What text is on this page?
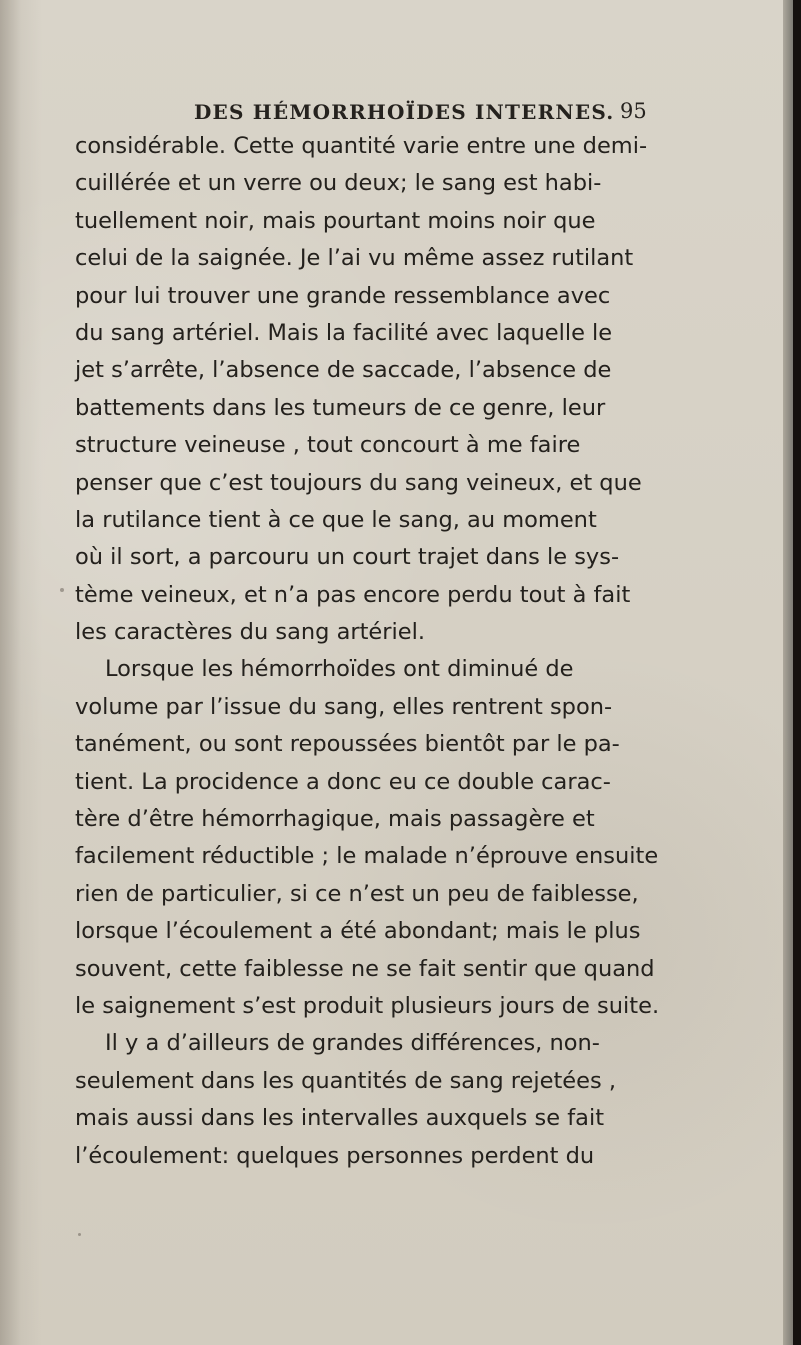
DES HÉMORRHOÏDES INTERNES. 95
considérable. Cette quantité varie entre une demi-
cuillérée et un verre ou deux; le sang est habi-
tuellement noir, mais pourtant moins noir que
celui de la saignée. Je l’ai vu même assez rutilant
pour lui trouver une grande ressemblance avec
du sang artériel. Mais la facilité avec laquelle le
jet s’arrête, l’absence de saccade, l’absence de
battements dans les tumeurs de ce genre, leur
structure veineuse , tout concourt à me faire
penser que c’est toujours du sang veineux, et que
la rutilance tient à ce que le sang, au moment
où il sort, a parcouru un court trajet dans le sys-
tème veineux, et n’a pas encore perdu tout à fait
les caractères du sang artériel.
Lorsque les hémorrhoïdes ont diminué de
volume par l’issue du sang, elles rentrent spon-
tanément, ou sont repoussées bientôt par le pa-
tient. La procidence a donc eu ce double carac-
tère d’être hémorrhagique, mais passagère et
facilement réductible ; le malade n’éprouve ensuite
rien de particulier, si ce n’est un peu de faiblesse,
lorsque l’écoulement a été abondant; mais le plus
souvent, cette faiblesse ne se fait sentir que quand
le saignement s’est produit plusieurs jours de suite.
Il y a d’ailleurs de grandes différences, non-
seulement dans les quantités de sang rejetées ,
mais aussi dans les intervalles auxquels se fait
l’écoulement: quelques personnes perdent du
